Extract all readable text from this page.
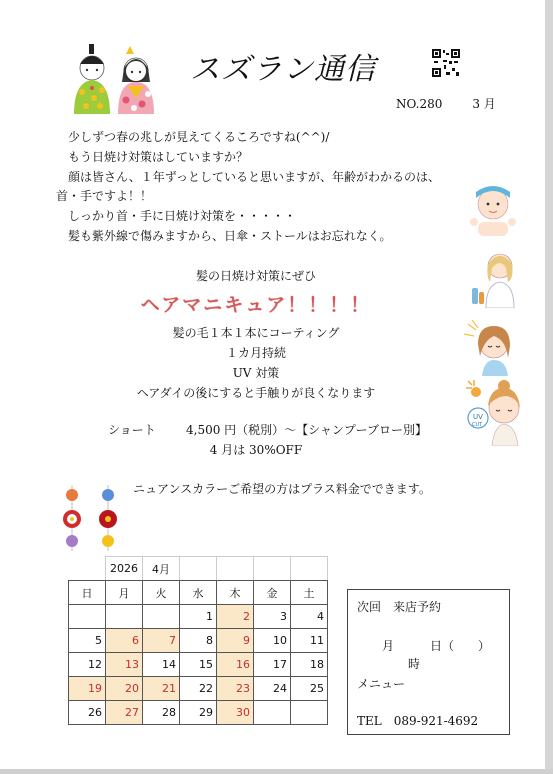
スズラン通信
NO.280	3 月
　少しずつ春の兆しが見えてくるころですね(^^)/
　もう日焼け対策はしていますか？
　顔は皆さん、１年ずっとしていると思いますが、年齢がわかるのは、
首・手ですよ！！
　しっかり首・手に日焼け対策を・・・・・
　髪も紫外線で傷みますから、日傘・ストールはお忘れなく。
UV
CUT
髪の日焼け対策にぜひ
ヘアマニキュア！！！！
髪の毛１本１本にコーティング
１カ月持続
UV 対策
ヘアダイの後にすると手触りが良くなります
ショート	4,500 円（税別）～【シャンプーブロー別】
4 月は 30%OFF
ニュアンスカラーご希望の方はプラス料金でできます。
	2026	4月				
日	月	火	水	木	金	土
			1	2	3	4
5	6	7	8	9	10	11
12	13	14	15	16	17	18
19	20	21	22	23	24	25
26	27	28	29	30		
次回　来店予約
月　　　日（　　）
時
メニュー
TEL　089-921-4692
